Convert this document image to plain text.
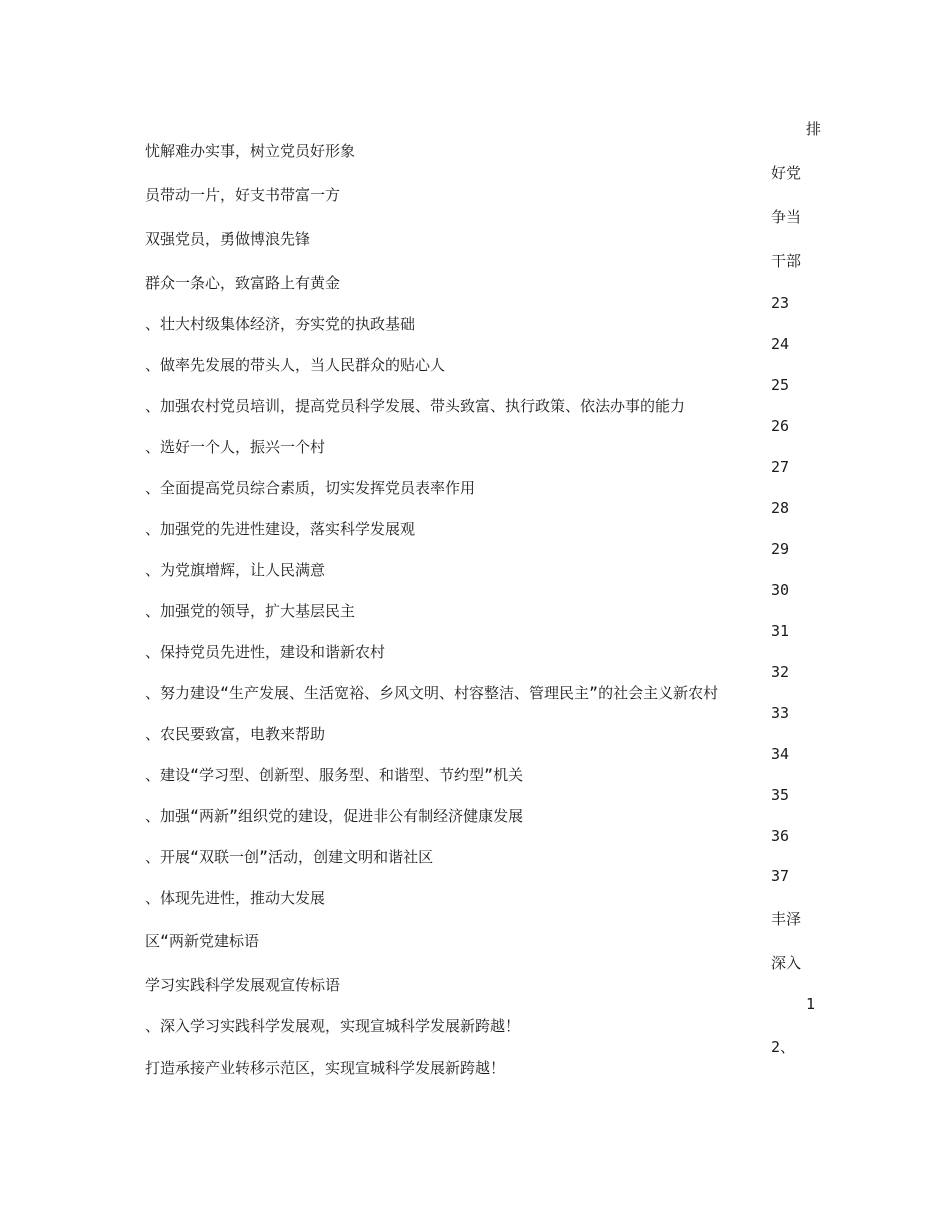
忧解难办实事，树立党员好形象
员带动一片，好支书带富一方
双强党员，勇做博浪先锋
群众一条心，致富路上有黄金
、壮大村级集体经济，夯实党的执政基础
、做率先发展的带头人，当人民群众的贴心人
、加强农村党员培训，提高党员科学发展、带头致富、执行政策、依法办事的能力
、选好一个人，振兴一个村
、全面提高党员综合素质，切实发挥党员表率作用
、加强党的先进性建设，落实科学发展观
、为党旗增辉，让人民满意
、加强党的领导，扩大基层民主
、保持党员先进性，建设和谐新农村
、努力建设“生产发展、生活宽裕、乡风文明、村容整洁、管理民主”的社会主义新农村
、农民要致富，电教来帮助
、建设“学习型、创新型、服务型、和谐型、节约型”机关
、加强“两新”组织党的建设，促进非公有制经济健康发展
、开展“双联一创”活动，创建文明和谐社区
、体现先进性，推动大发展
区“两新党建标语
学习实践科学发展观宣传标语
、深入学习实践科学发展观，实现宣城科学发展新跨越！
打造承接产业转移示范区，实现宣城科学发展新跨越！
排
好党
争当
干部
23
24
25
26
27
28
29
30
31
32
33
34
35
36
37
丰泽
深入
1
2、
